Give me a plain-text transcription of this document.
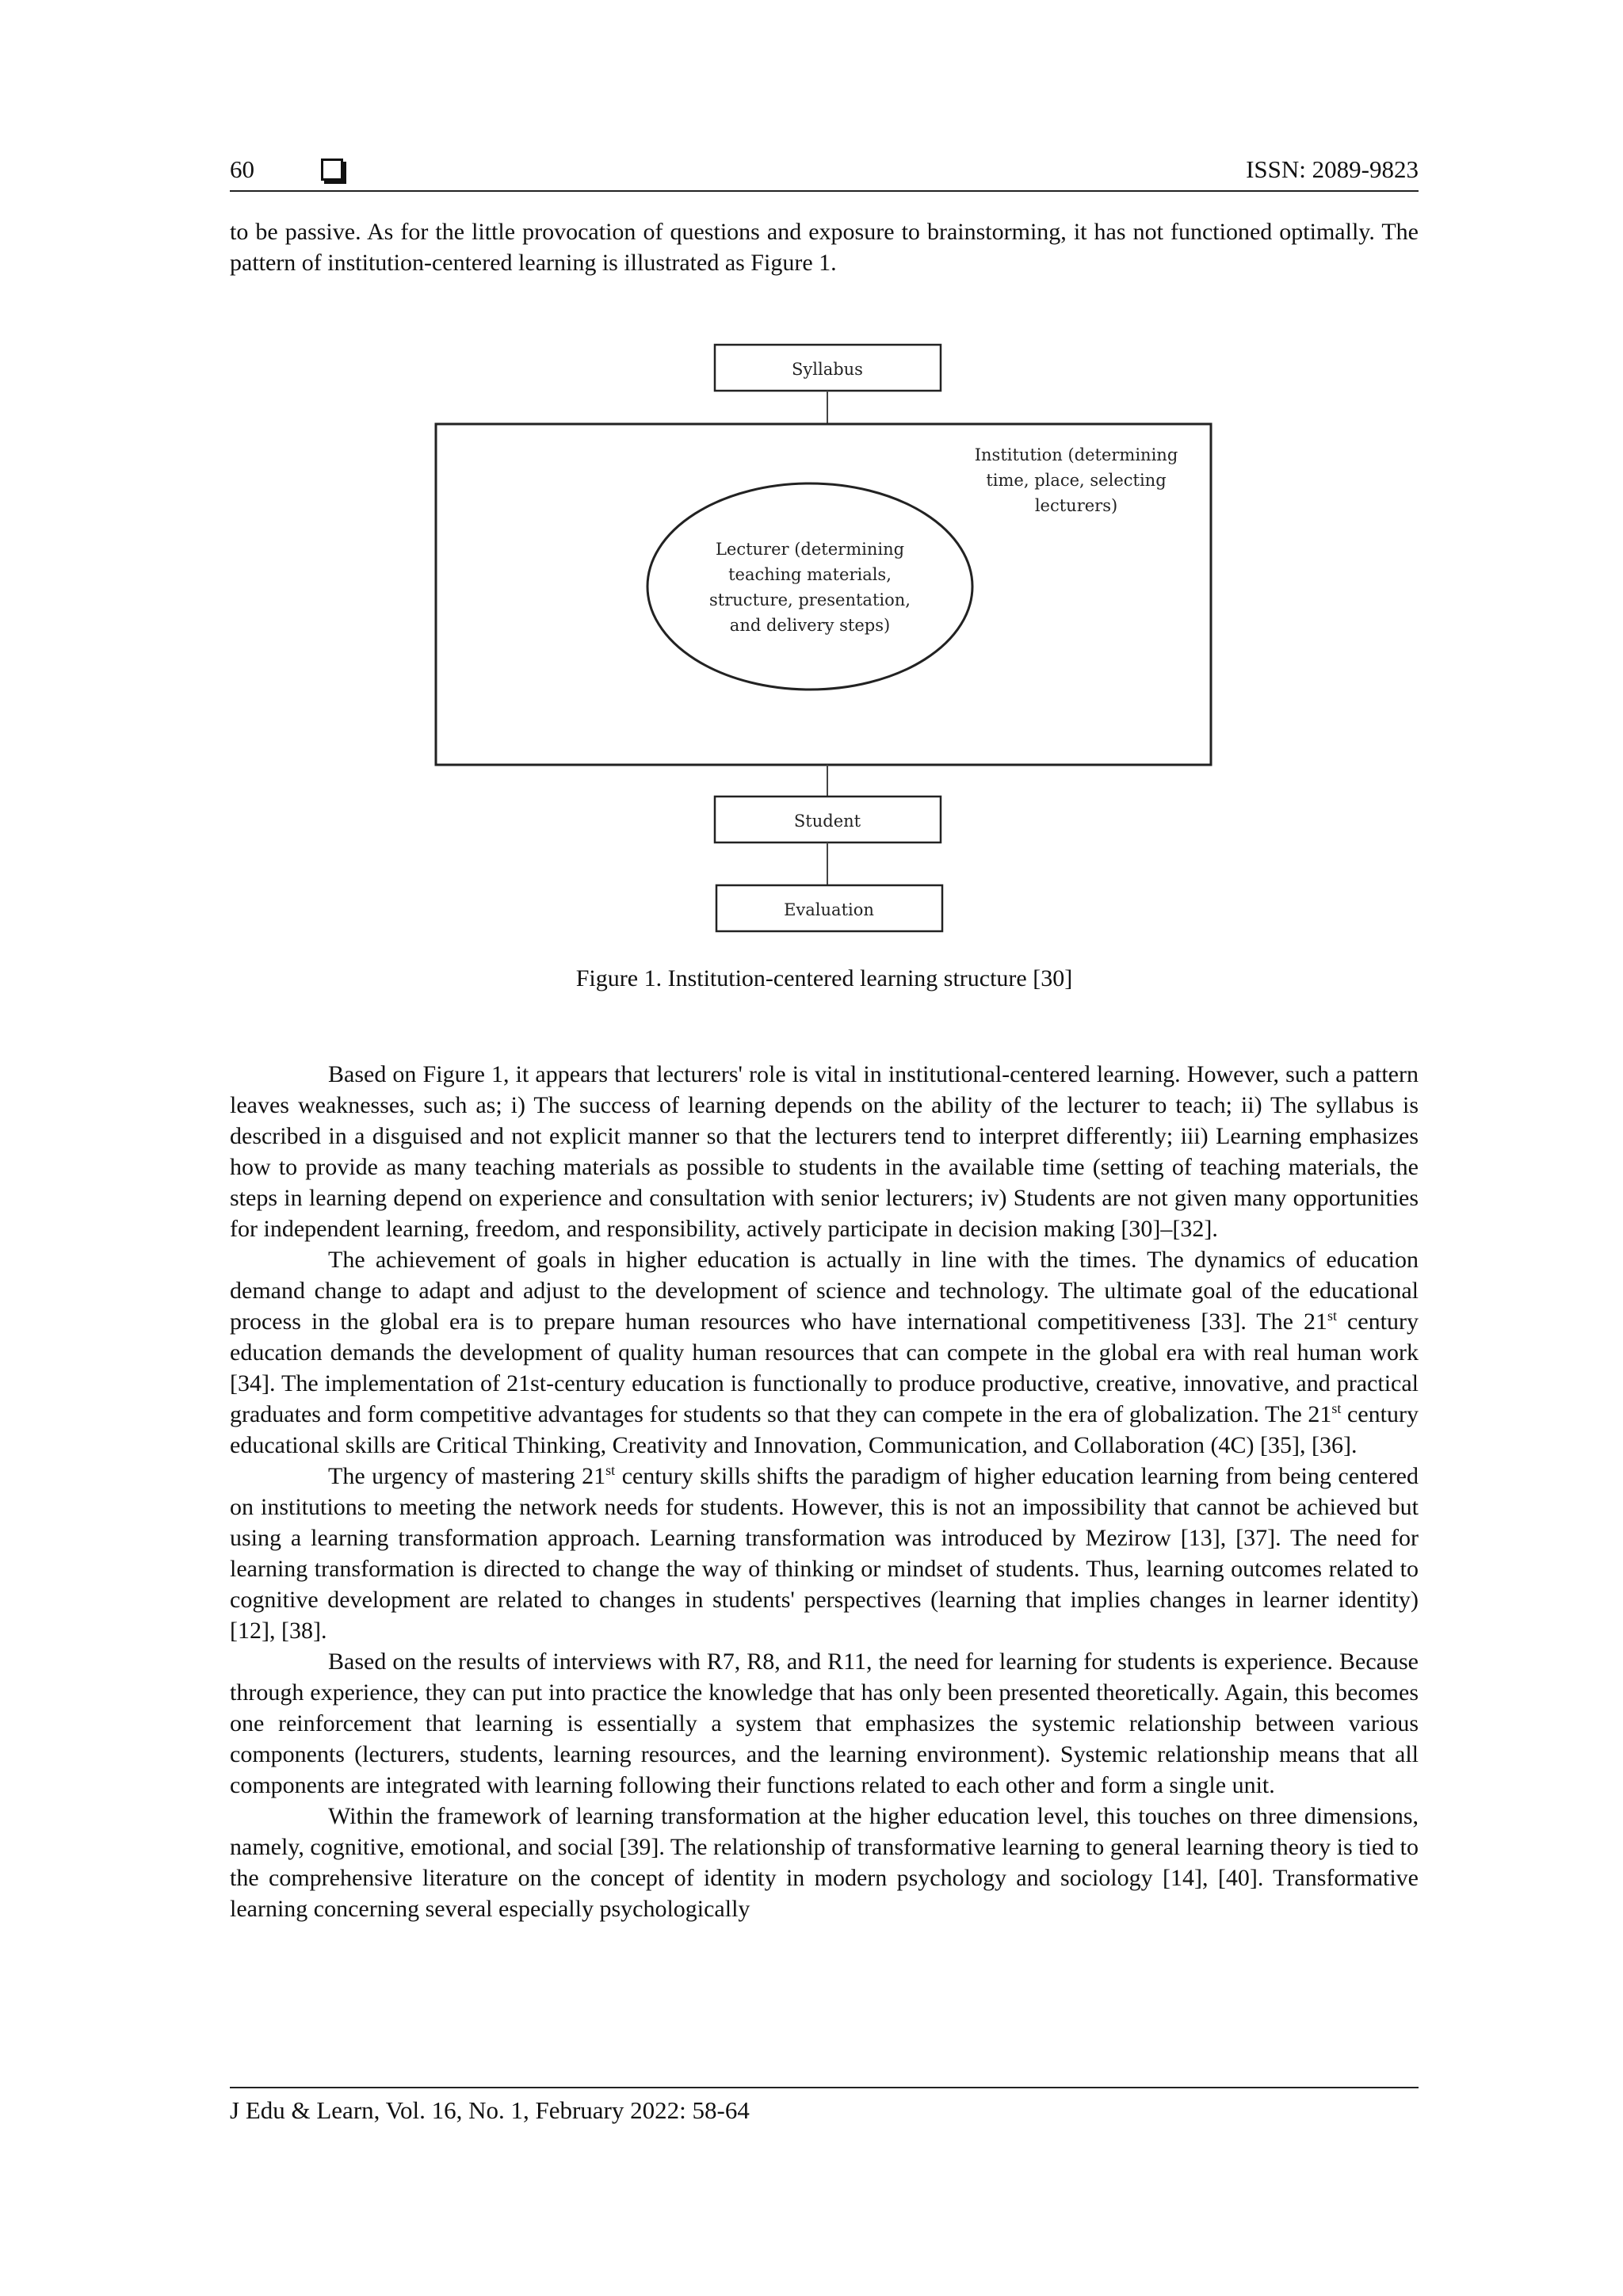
60	ISSN: 2089-9823

to be passive. As for the little provocation of questions and exposure to brainstorming, it has not functioned optimally. The pattern of institution-centered learning is illustrated as Figure 1.

Syllabus
Institution (determining
time, place, selecting
lecturers)
Lecturer (determining
teaching materials,
structure, presentation,
and delivery steps)
Student
Evaluation
Figure 1. Institution-centered learning structure [30]

Based on Figure 1, it appears that lecturers' role is vital in institutional-centered learning. However, such a pattern leaves weaknesses, such as; i) The success of learning depends on the ability of the lecturer to teach; ii) The syllabus is described in a disguised and not explicit manner so that the lecturers tend to interpret differently; iii) Learning emphasizes how to provide as many teaching materials as possible to students in the available time (setting of teaching materials, the steps in learning depend on experience and consultation with senior lecturers; iv) Students are not given many opportunities for independent learning, freedom, and responsibility, actively participate in decision making [30]–[32].

The achievement of goals in higher education is actually in line with the times. The dynamics of education demand change to adapt and adjust to the development of science and technology. The ultimate goal of the educational process in the global era is to prepare human resources who have international competitiveness [33]. The 21st century education demands the development of quality human resources that can compete in the global era with real human work [34]. The implementation of 21st-century education is functionally to produce productive, creative, innovative, and practical graduates and form competitive advantages for students so that they can compete in the era of globalization. The 21st century educational skills are Critical Thinking, Creativity and Innovation, Communication, and Collaboration (4C) [35], [36].

The urgency of mastering 21st century skills shifts the paradigm of higher education learning from being centered on institutions to meeting the network needs for students. However, this is not an impossibility that cannot be achieved but using a learning transformation approach. Learning transformation was introduced by Mezirow [13], [37]. The need for learning transformation is directed to change the way of thinking or mindset of students. Thus, learning outcomes related to cognitive development are related to changes in students' perspectives (learning that implies changes in learner identity) [12], [38].

Based on the results of interviews with R7, R8, and R11, the need for learning for students is experience. Because through experience, they can put into practice the knowledge that has only been presented theoretically. Again, this becomes one reinforcement that learning is essentially a system that emphasizes the systemic relationship between various components (lecturers, students, learning resources, and the learning environment). Systemic relationship means that all components are integrated with learning following their functions related to each other and form a single unit.

Within the framework of learning transformation at the higher education level, this touches on three dimensions, namely, cognitive, emotional, and social [39]. The relationship of transformative learning to general learning theory is tied to the comprehensive literature on the concept of identity in modern psychology and sociology [14], [40]. Transformative learning concerning several especially psychologically

J Edu & Learn, Vol. 16, No. 1, February 2022: 58-64
